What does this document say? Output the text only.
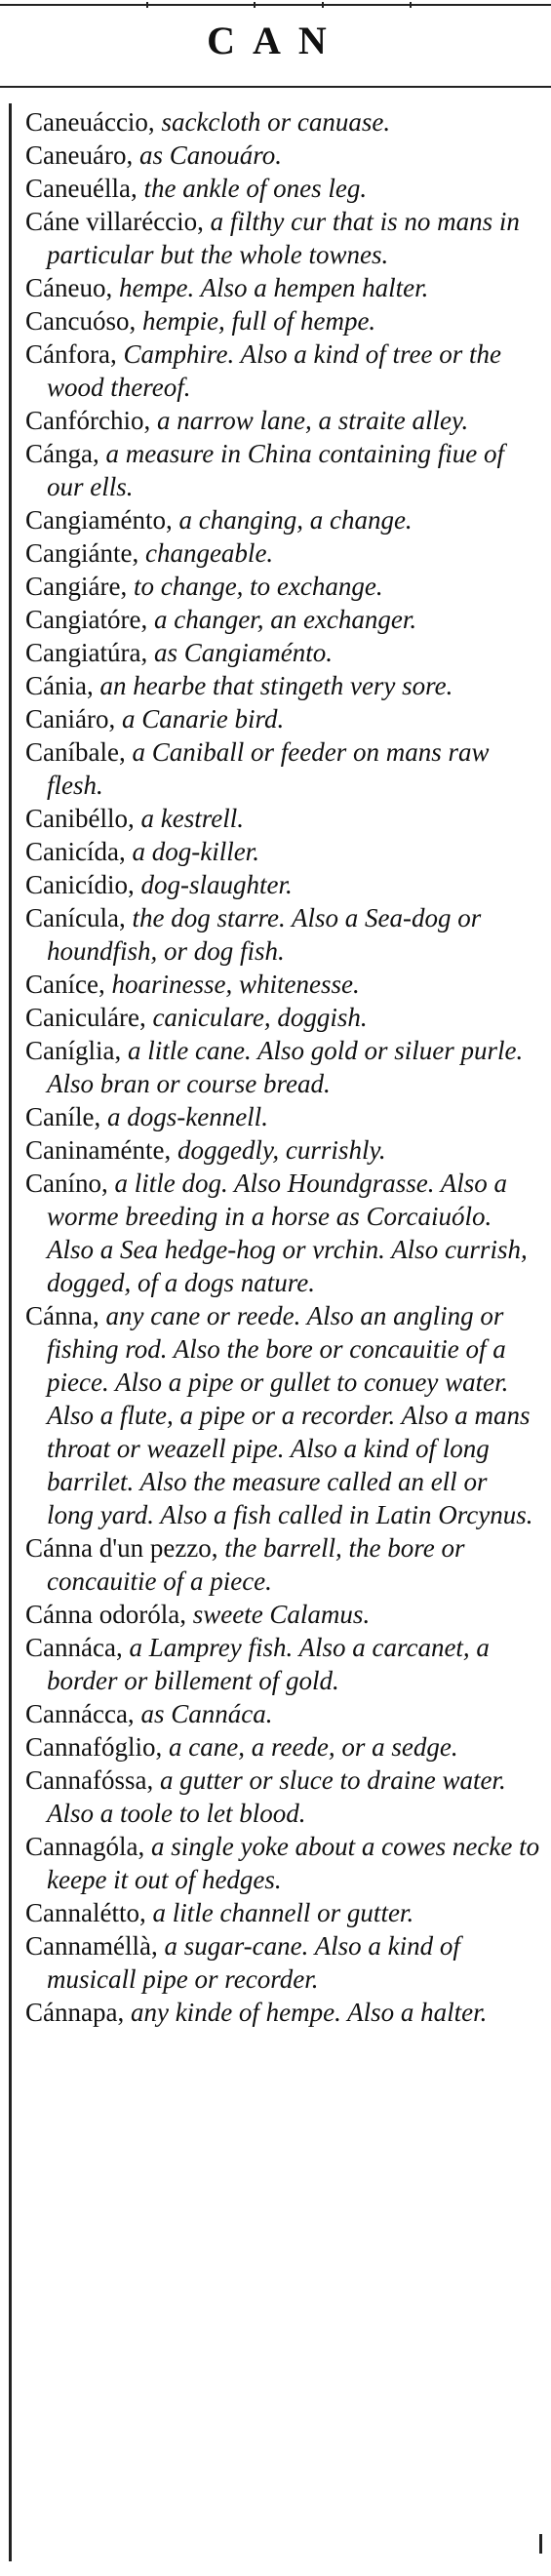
CAN

Caneuáccio, sackcloth or canuase.

Caneuáro, as Canouáro.

Caneuélla, the ankle of ones leg.

Cáne villaréccio, a filthy cur that is no mans in particular but the whole townes.

Cáneuo, hempe. Also a hempen halter.

Cancuóso, hempie, full of hempe.

Cánfora, Camphire. Also a kind of tree or the wood thereof.

Canfórchio, a narrow lane, a straite alley.

Cánga, a measure in China containing fiue of our ells.

Cangiaménto, a changing, a change.

Cangiánte, changeable.

Cangiáre, to change, to exchange.

Cangiatóre, a changer, an exchanger.

Cangiatúra, as Cangiaménto.

Cánia, an hearbe that stingeth very sore.

Caniáro, a Canarie bird.

Caníbale, a Caniball or feeder on mans raw flesh.

Canibéllo, a kestrell.

Canicída, a dog-killer.

Canicídio, dog-slaughter.

Canícula, the dog starre. Also a Sea-dog or houndfish, or dog fish.

Caníce, hoarinesse, whitenesse.

Caniculáre, caniculare, doggish.

Caníglia, a litle cane. Also gold or siluer purle. Also bran or course bread.

Caníle, a dogs-kennell.

Caninaménte, doggedly, currishly.

Caníno, a litle dog. Also Houndgrasse. Also a worme breeding in a horse as Corcaiuólo. Also a Sea hedge-hog or vrchin. Also currish, dogged, of a dogs nature.

Cánna, any cane or reede. Also an angling or fishing rod. Also the bore or concauitie of a piece. Also a pipe or gullet to conuey water. Also a flute, a pipe or a recorder. Also a mans throat or weazell pipe. Also a kind of long barrilet. Also the measure called an ell or long yard. Also a fish called in Latin Orcynus.

Cánna d'un pezzo, the barrell, the bore or concauitie of a piece.

Cánna odoróla, sweete Calamus.

Cannáca, a Lamprey fish. Also a carcanet, a border or billement of gold.

Cannácca, as Cannáca.

Cannafóglio, a cane, a reede, or a sedge.

Cannafóssa, a gutter or sluce to draine water. Also a toole to let blood.

Cannagóla, a single yoke about a cowes necke to keepe it out of hedges.

Cannalétto, a litle channell or gutter.

Cannaméllà, a sugar-cane. Also a kind of musicall pipe or recorder.

Cánnapa, any kinde of hempe. Also a halter.
